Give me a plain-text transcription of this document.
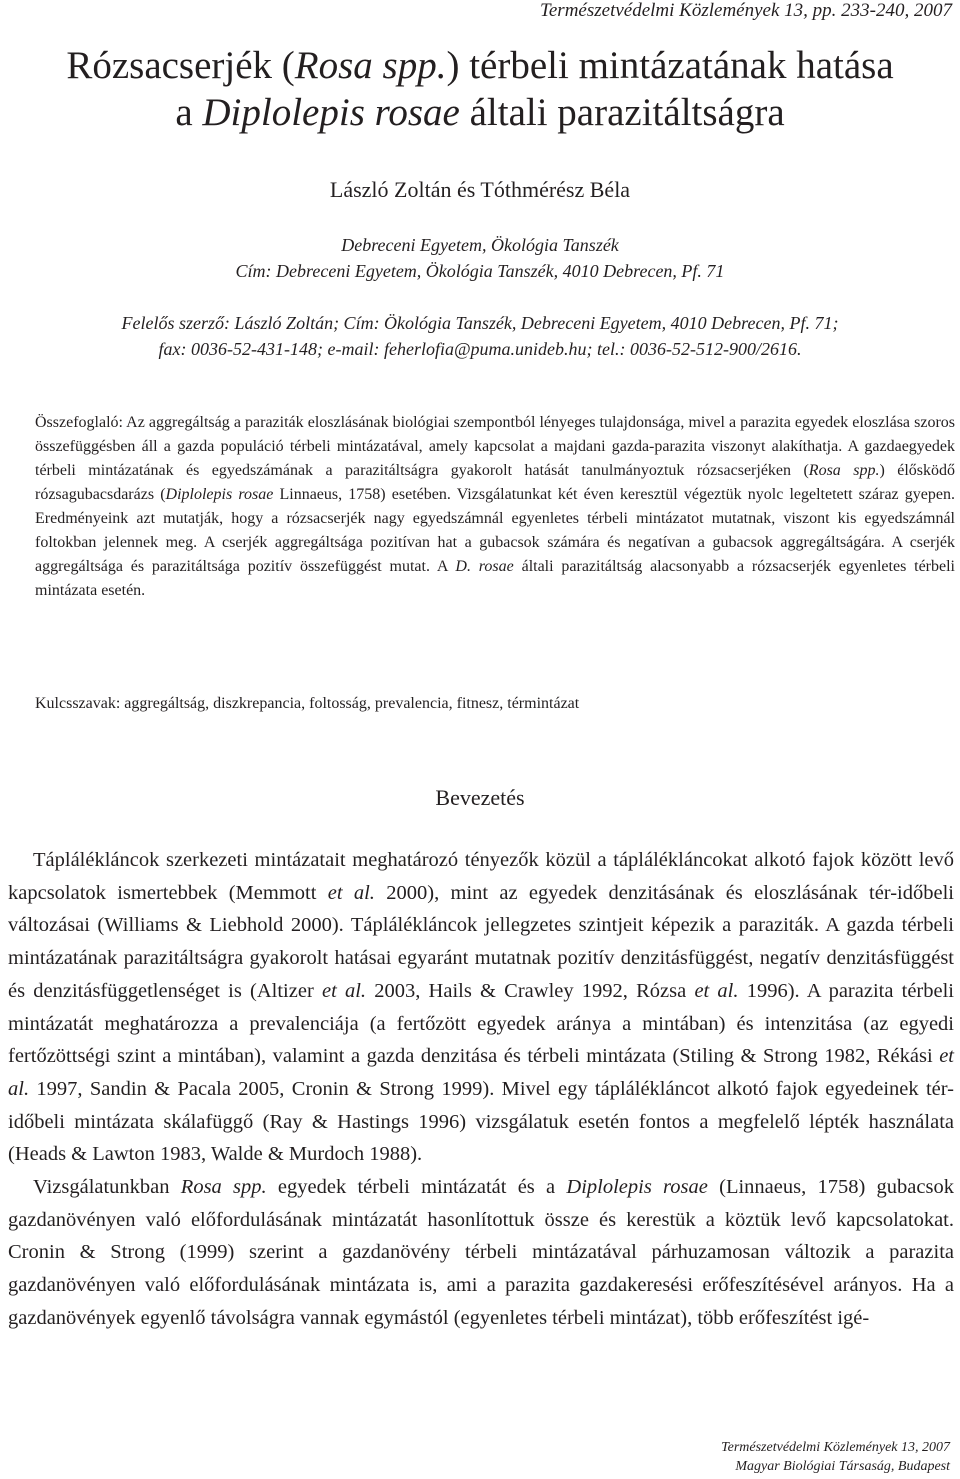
Természetvédelmi Közlemények 13, pp. 233-240, 2007
Rózsacserjék (Rosa spp.) térbeli mintázatának hatása
a Diplolepis rosae általi parazitáltságra
László Zoltán és Tóthmérész Béla
Debreceni Egyetem, Ökológia Tanszék
Cím: Debreceni Egyetem, Ökológia Tanszék, 4010 Debrecen, Pf. 71
Felelős szerző: László Zoltán; Cím: Ökológia Tanszék, Debreceni Egyetem, 4010 Debrecen, Pf. 71;
fax: 0036-52-431-148; e-mail: feherlofia@puma.unideb.hu; tel.: 0036-52-512-900/2616.

Összefoglaló: Az aggregáltság a paraziták eloszlásának biológiai szempontból lényeges tulajdonsága, mivel a parazita egyedek eloszlása szoros összefüggésben áll a gazda populáció térbeli mintázatával, amely kapcsolat a majdani gazda-parazita viszonyt alakíthatja. A gazdaegyedek térbeli mintázatának és egyedszámának a parazitáltságra gyakorolt hatását tanulmányoztuk rózsacserjéken (Rosa spp.) élősködő rózsagubacsdarázs (Diplolepis rosae Linnaeus, 1758) esetében. Vizsgálatunkat két éven keresztül végeztük nyolc legeltetett száraz gyepen. Eredményeink azt mutatják, hogy a rózsacserjék nagy egyedszámnál egyenletes térbeli mintázatot mutatnak, viszont kis egyedszámnál foltokban jelennek meg. A cserjék aggregáltsága pozitívan hat a gubacsok számára és negatívan a gubacsok aggregáltságára. A cserjék aggregáltsága és parazitáltsága pozitív összefüggést mutat. A D. rosae általi parazitáltság alacsonyabb a rózsacserjék egyenletes térbeli mintázata esetén.

Kulcsszavak: aggregáltság, diszkrepancia, foltosság, prevalencia, fitnesz, términtázat

Bevezetés

Táplálékláncok szerkezeti mintázatait meghatározó tényezők közül a táplálékláncokat alkotó fajok között levő kapcsolatok ismertebbek (Memmott et al. 2000), mint az egyedek denzitásának és eloszlásának tér-időbeli változásai (Williams & Liebhold 2000). Táplálékláncok jellegzetes szintjeit képezik a paraziták. A gazda térbeli mintázatának parazitáltságra gyakorolt hatásai egyaránt mutatnak pozitív denzitásfüggést, negatív denzitásfüggést és denzitásfüggetlenséget is (Altizer et al. 2003, Hails & Crawley 1992, Rózsa et al. 1996). A parazita térbeli mintázatát meghatározza a prevalenciája (a fertőzött egyedek aránya a mintában) és intenzitása (az egyedi fertőzöttségi szint a mintában), valamint a gazda denzitása és térbeli mintázata (Stiling & Strong 1982, Rékási et al. 1997, Sandin & Pacala 2005, Cronin & Strong 1999). Mivel egy táplálékláncot alkotó fajok egyedeinek tér-időbeli mintázata skálafüggő (Ray & Hastings 1996) vizsgálatuk esetén fontos a megfelelő lépték használata (Heads & Lawton 1983, Walde & Murdoch 1988).

Vizsgálatunkban Rosa spp. egyedek térbeli mintázatát és a Diplolepis rosae (Linnaeus, 1758) gubacsok gazdanövényen való előfordulásának mintázatát hasonlítottuk össze és kerestük a köztük levő kapcsolatokat. Cronin & Strong (1999) szerint a gazdanövény térbeli mintázatával párhuzamosan változik a parazita gazdanövényen való előfordulásának mintázata is, ami a parazita gazdakeresési erőfeszítésével arányos. Ha a gazdanövények egyenlő távolságra vannak egymástól (egyenletes térbeli mintázat), több erőfeszítést igé-

Természetvédelmi Közlemények 13, 2007
Magyar Biológiai Társaság, Budapest
